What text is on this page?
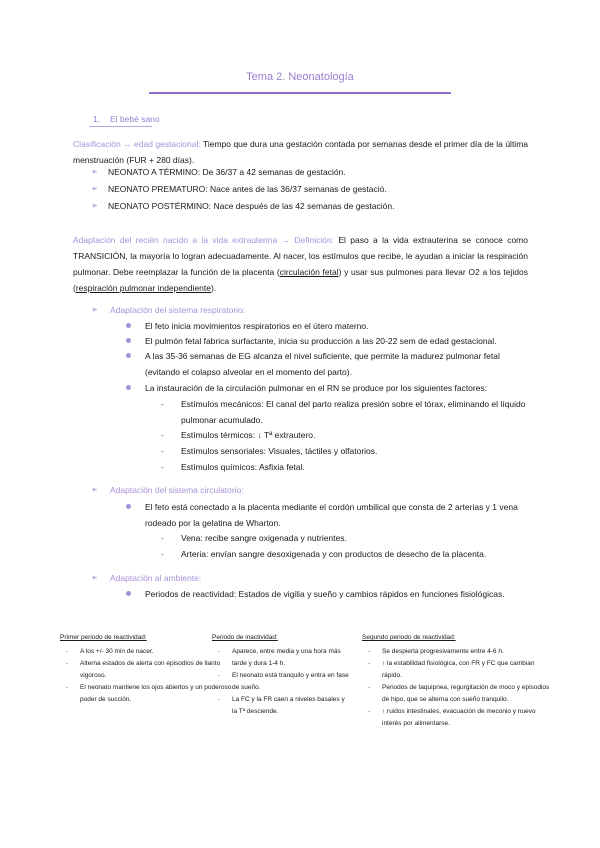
Tema 2. Neonatología
1. El bebé sano
Clasificación → edad gestacional: Tiempo que dura una gestación contada por semanas desde el primer día de la última menstruación (FUR + 280 días).
➢ NEONATO A TÉRMINO: De 36/37 a 42 semanas de gestación.
➢ NEONATO PREMATURO: Nace antes de las 36/37 semanas de gestació.
➢ NEONATO POSTÉRMINO: Nace después de las 42 semanas de gestación.
Adaptación del recién nacido a la vida extrauterina → Definición: El paso a la vida extrauterina se conoce como TRANSICIÓN, la mayoría lo logran adecuadamente. Al nacer, los estímulos que recibe, le ayudan a iniciar la respiración pulmonar. Debe reemplazar la función de la placenta (circulación fetal) y usar sus pulmones para llevar O2 a los tejidos (respiración pulmonar independiente).
➢ Adaptación del sistema respiratorio:
El feto inicia movimientos respiratorios en el útero materno.
El pulmón fetal fabrica surfactante, inicia su producción a las 20-22 sem de edad gestacional.
A las 35-36 semanas de EG alcanza el nivel suficiente, que permite la madurez pulmonar fetal (evitando el colapso alveolar en el momento del parto).
La instauración de la circulación pulmonar en el RN se produce por los siguientes factores:
- Estímulos mecánicos: El canal del parto realiza presión sobre el tórax, eliminando el líquido pulmonar acumulado.
- Estímulos térmicos: ↓ Tª extrautero.
- Estímulos sensoriales: Visuales, táctiles y olfatorios.
- Estímulos químicos: Asfixia fetal.
➢ Adaptación del sistema circulatorio:
El feto está conectado a la placenta mediante el cordón umbilical que consta de 2 arterias y 1 vena rodeado por la gelatina de Wharton.
- Vena: recibe sangre oxigenada y nutrientes.
- Arteria: envían sangre desoxigenada y con productos de desecho de la placenta.
➢ Adaptación al ambiente:
Periodos de reactividad: Estados de vigilia y sueño y cambios rápidos en funciones fisiológicas.
Primer periodo de reactividad:
- A los +/- 30 min de nacer.
- Alterna estados de alerta con episodios de llanto vigoroso.
- El neonato mantiene los ojos abiertos y un poderoso poder de succión.
Periodo de inactividad:
- Aparece, entre media y una hora más tarde y dura 1-4 h.
- El neonato está tranquilo y entra en fase de sueño.
- La FC y la FR caen a niveles basales y la Tª desciende.
Segundo periodo de reactividad:
- Se despierta progresivamente entre 4-6 h.
- ↑ la estabilidad fisiológica, con FR y FC que cambian rápido.
- Periodos de taquipnea, regurgitación de moco y episodios de hipo, que se alterna con sueño tranquilo.
- ↑ ruidos intestinales, evacuación de meconio y nuevo interés por alimentarse.
